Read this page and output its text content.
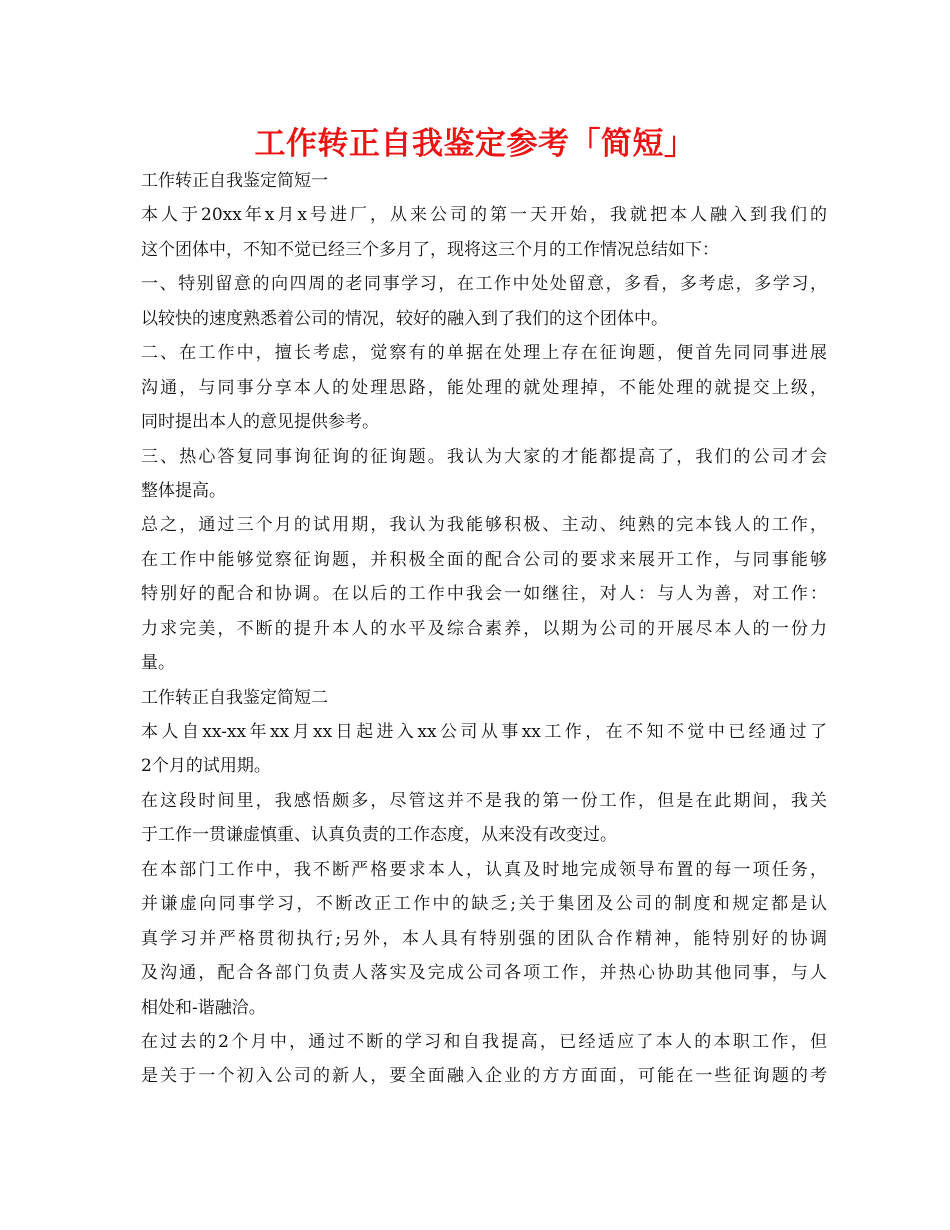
工作转正自我鉴定参考「简短」
工作转正自我鉴定简短一
本人于20xx年x月x号进厂，从来公司的第一天开始，我就把本人融入到我们的
这个团体中，不知不觉已经三个多月了，现将这三个月的工作情况总结如下：
一、特别留意的向四周的老同事学习，在工作中处处留意，多看，多考虑，多学习，
以较快的速度熟悉着公司的情况，较好的融入到了我们的这个团体中。
二、在工作中，擅长考虑，觉察有的单据在处理上存在征询题，便首先同同事进展
沟通，与同事分享本人的处理思路，能处理的就处理掉，不能处理的就提交上级，
同时提出本人的意见提供参考。
三、热心答复同事询征询的征询题。我认为大家的才能都提高了，我们的公司才会
整体提高。
总之，通过三个月的试用期，我认为我能够积极、主动、纯熟的完本钱人的工作，
在工作中能够觉察征询题，并积极全面的配合公司的要求来展开工作，与同事能够
特别好的配合和协调。在以后的工作中我会一如继往，对人：与人为善，对工作：
力求完美，不断的提升本人的水平及综合素养，以期为公司的开展尽本人的一份力
量。
工作转正自我鉴定简短二
本人自xx-xx年xx月xx日起进入xx公司从事xx工作，在不知不觉中已经通过了
2个月的试用期。
在这段时间里，我感悟颇多，尽管这并不是我的第一份工作，但是在此期间，我关
于工作一贯谦虚慎重、认真负责的工作态度，从来没有改变过。
在本部门工作中，我不断严格要求本人，认真及时地完成领导布置的每一项任务，
并谦虚向同事学习，不断改正工作中的缺乏;关于集团及公司的制度和规定都是认
真学习并严格贯彻执行;另外，本人具有特别强的团队合作精神，能特别好的协调
及沟通，配合各部门负责人落实及完成公司各项工作，并热心协助其他同事，与人
相处和-谐融洽。
在过去的2个月中，通过不断的学习和自我提高，已经适应了本人的本职工作，但
是关于一个初入公司的新人，要全面融入企业的方方面面，可能在一些征询题的考
